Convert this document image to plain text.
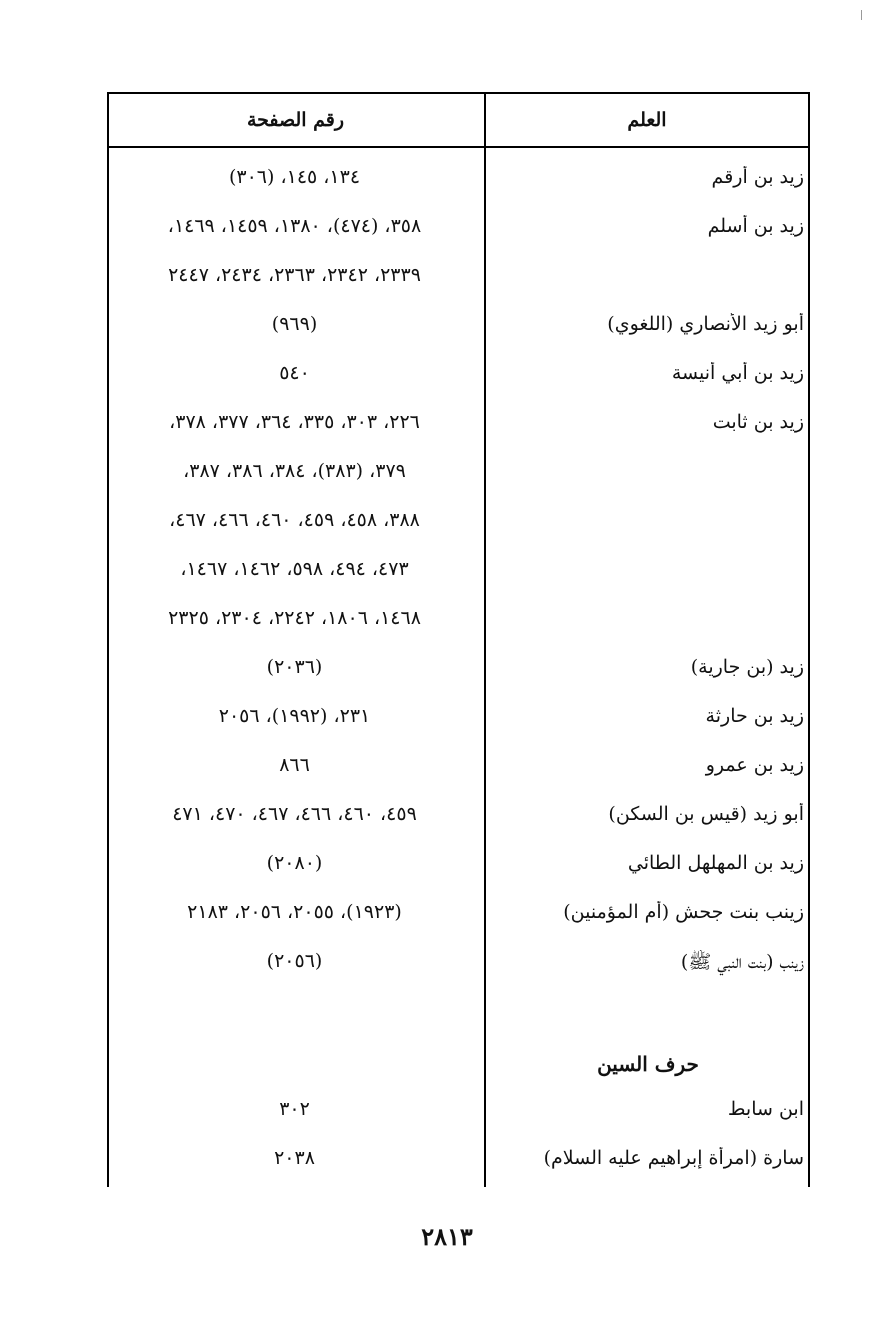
رقم الصفحة	العلم
زيد بن أرقم
١٣٤، ١٤٥، (٣٠٦)
زيد بن أسلم
٣٥٨، (٤٧٤)، ١٣٨٠، ١٤٥٩، ١٤٦٩،
٢٣٣٩، ٢٣٤٢، ٢٣٦٣، ٢٤٣٤، ٢٤٤٧
أبو زيد الأنصاري (اللغوي)
(٩٦٩)
زيد بن أبي أنيسة
٥٤٠
زيد بن ثابت
٢٢٦، ٣٠٣، ٣٣٥، ٣٦٤، ٣٧٧، ٣٧٨،
٣٧٩، (٣٨٣)، ٣٨٤، ٣٨٦، ٣٨٧،
٣٨٨، ٤٥٨، ٤٥٩، ٤٦٠، ٤٦٦، ٤٦٧،
٤٧٣، ٤٩٤، ٥٩٨، ١٤٦٢، ١٤٦٧،
١٤٦٨، ١٨٠٦، ٢٢٤٢، ٢٣٠٤، ٢٣٢٥
زيد (بن جارية)
(٢٠٣٦)
زيد بن حارثة
٢٣١، (١٩٩٢)، ٢٠٥٦
زيد بن عمرو
٨٦٦
أبو زيد (قيس بن السكن)
٤٥٩، ٤٦٠، ٤٦٦، ٤٦٧، ٤٧٠، ٤٧١
زيد بن المهلهل الطائي
(٢٠٨٠)
زينب بنت جحش (أم المؤمنين)
(١٩٢٣)، ٢٠٥٥، ٢٠٥٦، ٢١٨٣
زينب (بنت النبي ﷺ)
(٢٠٥٦)
ابن سابط
٣٠٢
سارة (امرأة إبراهيم عليه السلام)
٢٠٣٨
حرف السين
٢٨١٣
